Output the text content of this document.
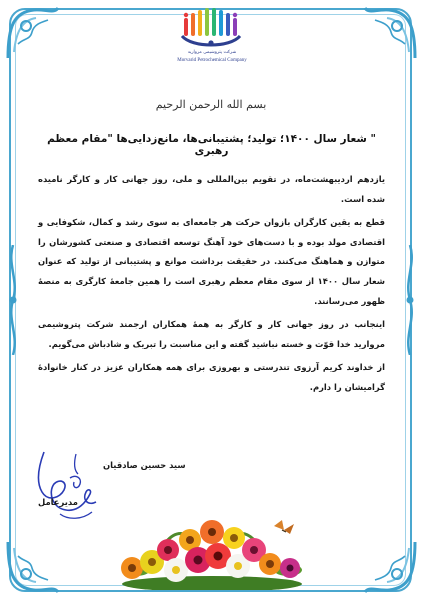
شرکت پتروشیمی مروارید
Morvarid Petrochemical Company
بسم الله الرحمن الرحیم
" شعار سال ۱۴۰۰؛ تولید؛ پشتیبانی‌ها، مانع‌زدایی‌ها "مقام معظم رهبری

یازدهم اردیبهشت‌ماه، در تقویم بین‌المللی و ملی، روز جهانی کار و کارگر نامیده شده است.

قطع به یقین کارگران بازوان حرکت هر جامعه‌ای به سوی رشد و کمال، شکوفایی و اقتصادی مولد بوده و با دست‌های خود آهنگ توسعه اقتصادی و صنعتی کشورشان را متوازن و هماهنگ می‌کنند. در حقیقت برداشت موانع و پشتیبانی از تولید که عنوان شعار سال ۱۴۰۰ از سوی مقام معظم رهبری است را همین جامعهٔ کارگری به منصهٔ ظهور می‌رسانند.

اینجانب در روز جهانی کار و کارگر به همهٔ همکاران ارجمند شرکت پتروشیمی مروارید خدا قوّت و خسته نباشید گفته و این مناسبت را تبریک و شادباش می‌گویم.

از خداوند کریم آرزوی تندرستی و بهروزی برای همه همکاران عزیز در کنار خانوادهٔ گرامیشان را دارم.

سید حسین صادقیان
مدیرعامل
